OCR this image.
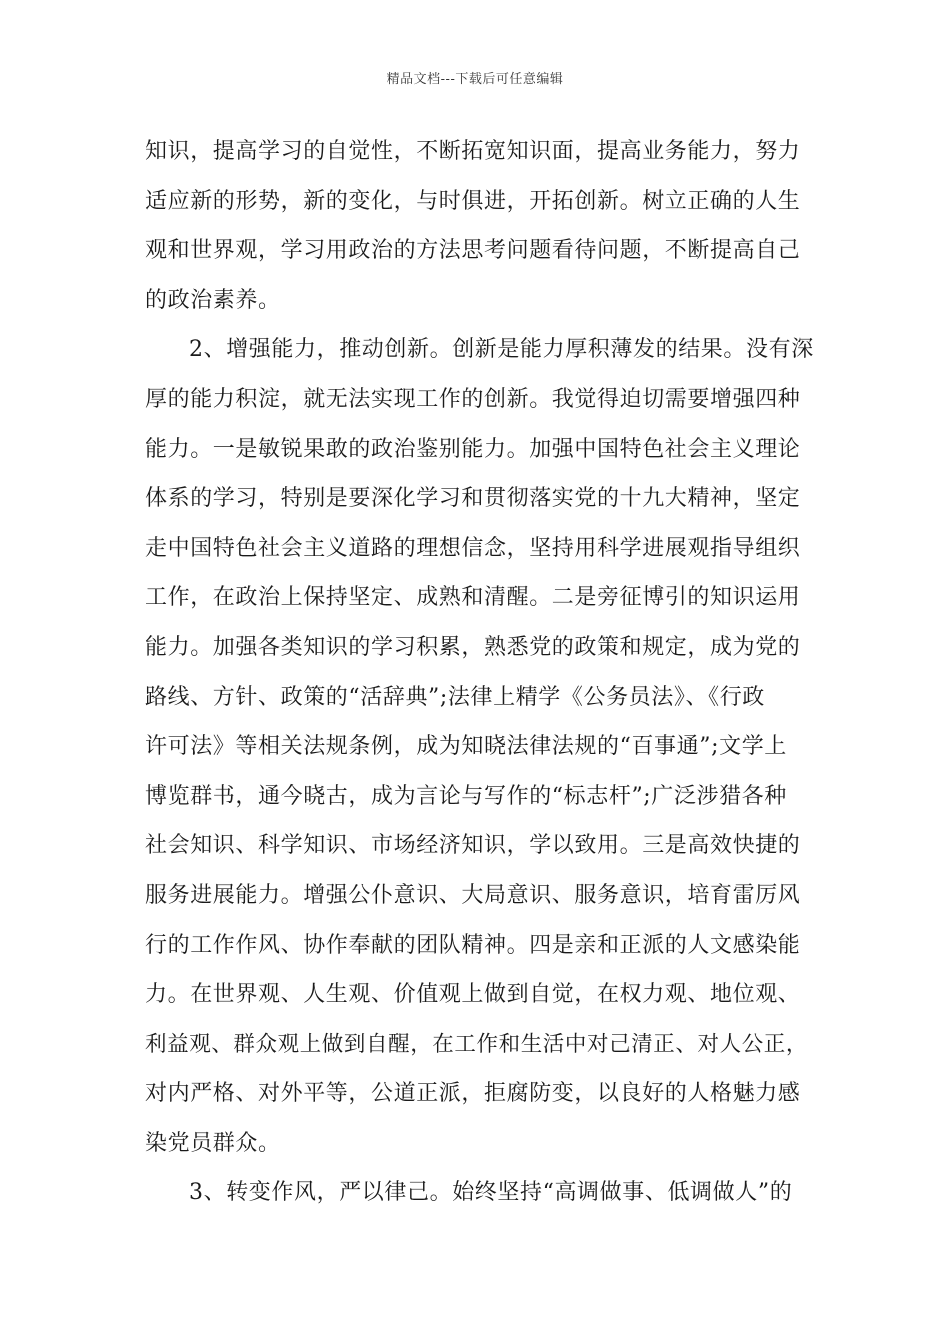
精品文档---下载后可任意编辑
知识，提高学习的自觉性，不断拓宽知识面，提高业务能力，努力
适应新的形势，新的变化，与时俱进，开拓创新。树立正确的人生
观和世界观，学习用政治的方法思考问题看待问题，不断提高自己
的政治素养。
2、增强能力，推动创新。创新是能力厚积薄发的结果。没有深
厚的能力积淀，就无法实现工作的创新。我觉得迫切需要增强四种
能力。一是敏锐果敢的政治鉴别能力。加强中国特色社会主义理论
体系的学习，特别是要深化学习和贯彻落实党的十九大精神，坚定
走中国特色社会主义道路的理想信念，坚持用科学进展观指导组织
工作，在政治上保持坚定、成熟和清醒。二是旁征博引的知识运用
能力。加强各类知识的学习积累，熟悉党的政策和规定，成为党的
路线、方针、政策的“活辞典”;法律上精学《公务员法》、《行政
许可法》等相关法规条例，成为知晓法律法规的“百事通”;文学上
博览群书，通今晓古，成为言论与写作的“标志杆”;广泛涉猎各种
社会知识、科学知识、市场经济知识，学以致用。三是高效快捷的
服务进展能力。增强公仆意识、大局意识、服务意识，培育雷厉风
行的工作作风、协作奉献的团队精神。四是亲和正派的人文感染能
力。在世界观、人生观、价值观上做到自觉，在权力观、地位观、
利益观、群众观上做到自醒，在工作和生活中对己清正、对人公正，
对内严格、对外平等，公道正派，拒腐防变，以良好的人格魅力感
染党员群众。
3、转变作风，严以律己。始终坚持“高调做事、低调做人”的
